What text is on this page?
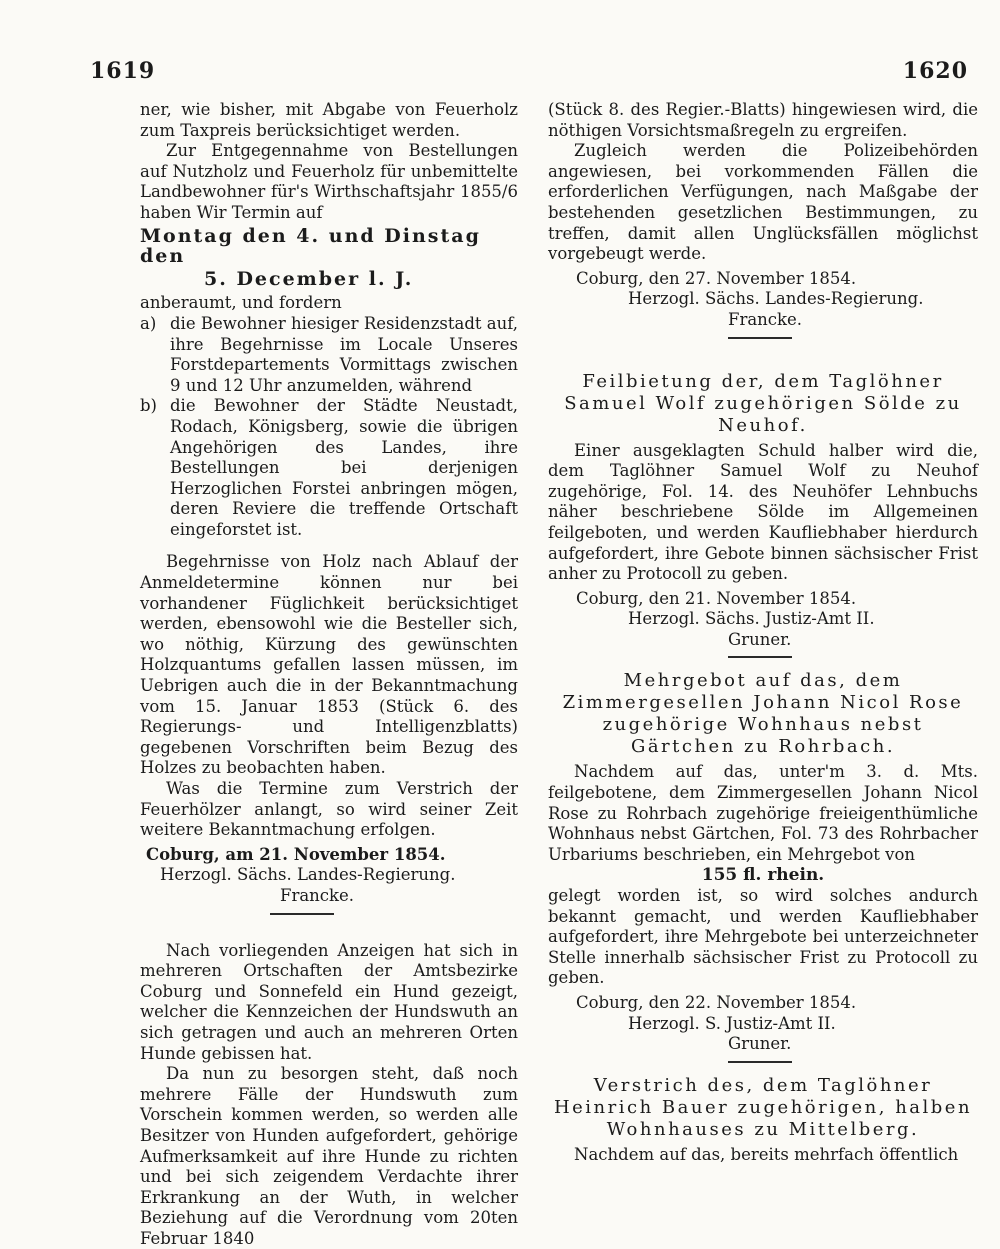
1619	1620

ner, wie bisher, mit Abgabe von Feuerholz zum Taxpreis berücksichtiget werden.

Zur Entgegennahme von Bestellungen auf Nutzholz und Feuerholz für unbemittelte Landbewohner für's Wirthschaftsjahr 1855/6 haben Wir Termin auf

Montag den 4. und Dinstag den
5. December l. J.

anberaumt, und fordern

a) die Bewohner hiesiger Residenzstadt auf, ihre Begehrnisse im Locale Unseres Forstdepartements Vormittags zwischen 9 und 12 Uhr anzumelden, während
b) die Bewohner der Städte Neustadt, Rodach, Königsberg, sowie die übrigen Angehörigen des Landes, ihre Bestellungen bei derjenigen Herzoglichen Forstei anbringen mögen, deren Reviere die treffende Ortschaft eingeforstet ist.

Begehrnisse von Holz nach Ablauf der Anmeldetermine können nur bei vorhandener Füglichkeit berücksichtiget werden, ebensowohl wie die Besteller sich, wo nöthig, Kürzung des gewünschten Holzquantums gefallen lassen müssen, im Uebrigen auch die in der Bekanntmachung vom 15. Januar 1853 (Stück 6. des Regierungs- und Intelligenzblatts) gegebenen Vorschriften beim Bezug des Holzes zu beobachten haben.

Was die Termine zum Verstrich der Feuerhölzer anlangt, so wird seiner Zeit weitere Bekanntmachung erfolgen.

Coburg, am 21. November 1854.
Herzogl. Sächs. Landes-Regierung.
Francke.

Nach vorliegenden Anzeigen hat sich in mehreren Ortschaften der Amtsbezirke Coburg und Sonnefeld ein Hund gezeigt, welcher die Kennzeichen der Hundswuth an sich getragen und auch an mehreren Orten Hunde gebissen hat.

Da nun zu besorgen steht, daß noch mehrere Fälle der Hundswuth zum Vorschein kommen werden, so werden alle Besitzer von Hunden aufgefordert, gehörige Aufmerksamkeit auf ihre Hunde zu richten und bei sich zeigendem Verdachte ihrer Erkrankung an der Wuth, in welcher Beziehung auf die Verordnung vom 20ten Februar 1840

(Stück 8. des Regier.-Blatts) hingewiesen wird, die nöthigen Vorsichtsmaßregeln zu ergreifen.

Zugleich werden die Polizeibehörden angewiesen, bei vorkommenden Fällen die erforderlichen Verfügungen, nach Maßgabe der bestehenden gesetzlichen Bestimmungen, zu treffen, damit allen Unglücksfällen möglichst vorgebeugt werde.

Coburg, den 27. November 1854.
Herzogl. Sächs. Landes-Regierung.
Francke.
Feilbietung der, dem Taglöhner Samuel Wolf zugehörigen Sölde zu Neuhof.

Einer ausgeklagten Schuld halber wird die, dem Taglöhner Samuel Wolf zu Neuhof zugehörige, Fol. 14. des Neuhöfer Lehnbuchs näher beschriebene Sölde im Allgemeinen feilgeboten, und werden Kaufliebhaber hierdurch aufgefordert, ihre Gebote binnen sächsischer Frist anher zu Protocoll zu geben.

Coburg, den 21. November 1854.
Herzogl. Sächs. Justiz-Amt II.
Gruner.
Mehrgebot auf das, dem Zimmergesellen Johann Nicol Rose zugehörige Wohnhaus nebst Gärtchen zu Rohrbach.

Nachdem auf das, unter'm 3. d. Mts. feilgebotene, dem Zimmergesellen Johann Nicol Rose zu Rohrbach zugehörige freieigenthümliche Wohnhaus nebst Gärtchen, Fol. 73 des Rohrbacher Urbariums beschrieben, ein Mehrgebot von

155 fl. rhein.

gelegt worden ist, so wird solches andurch bekannt gemacht, und werden Kaufliebhaber aufgefordert, ihre Mehrgebote bei unterzeichneter Stelle innerhalb sächsischer Frist zu Protocoll zu geben.

Coburg, den 22. November 1854.
Herzogl. S. Justiz-Amt II.
Gruner.
Verstrich des, dem Taglöhner Heinrich Bauer zugehörigen, halben Wohnhauses zu Mittelberg.

Nachdem auf das, bereits mehrfach öffentlich
